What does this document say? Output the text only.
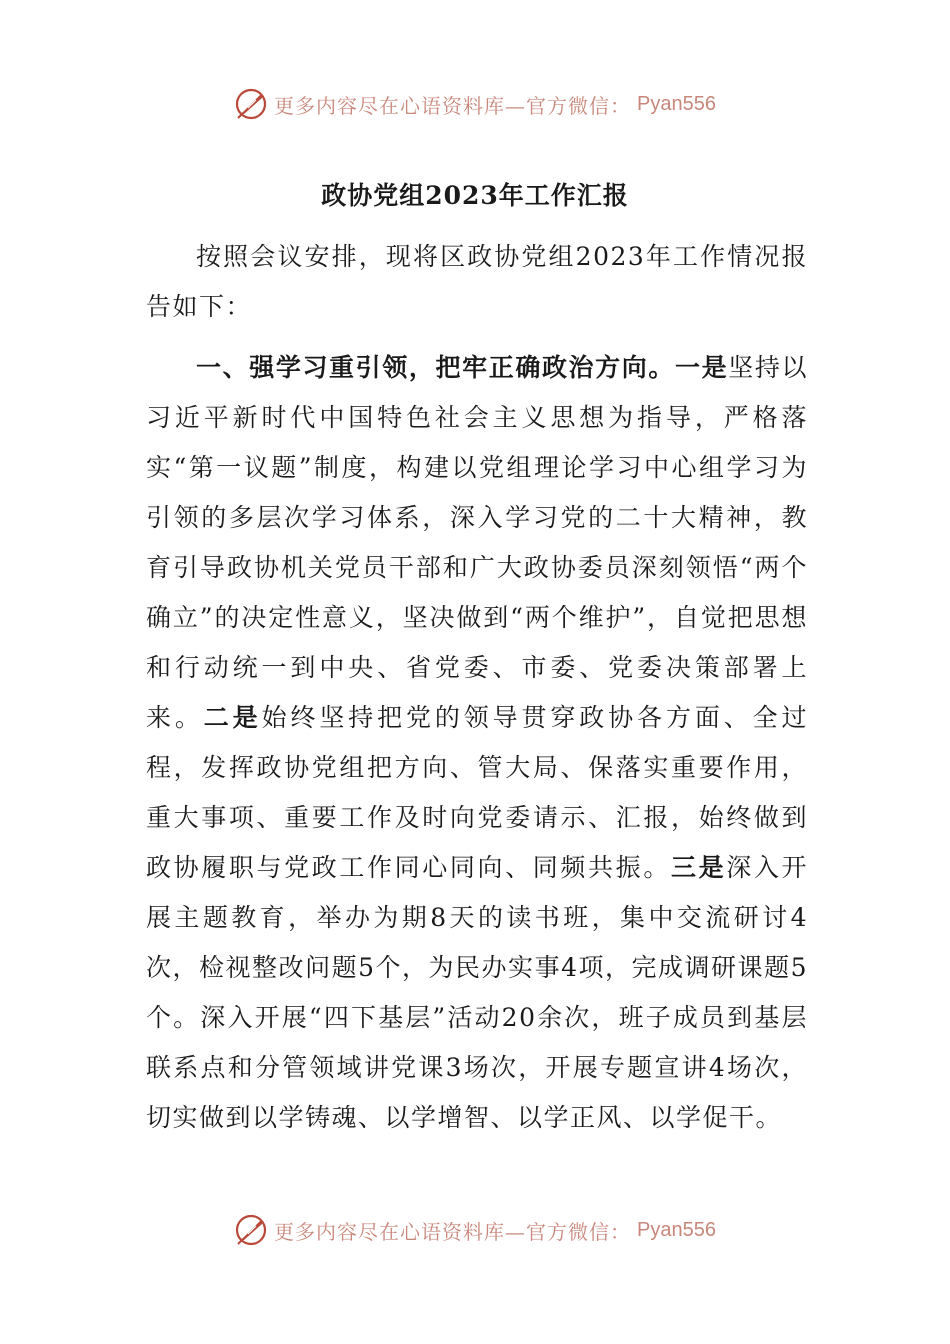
更多内容尽在心语资料库—官方微信： Pyan556
政协党组2023年工作汇报

按照会议安排，现将区政协党组2023年工作情况报告如下：

一、强学习重引领，把牢正确政治方向。一是坚持以习近平新时代中国特色社会主义思想为指导，严格落实“第一议题”制度，构建以党组理论学习中心组学习为引领的多层次学习体系，深入学习党的二十大精神，教育引导政协机关党员干部和广大政协委员深刻领悟“两个确立”的决定性意义，坚决做到“两个维护”，自觉把思想和行动统一到中央、省党委、市委、党委决策部署上来。二是始终坚持把党的领导贯穿政协各方面、全过程，发挥政协党组把方向、管大局、保落实重要作用，重大事项、重要工作及时向党委请示、汇报，始终做到政协履职与党政工作同心同向、同频共振。三是深入开展主题教育，举办为期8天的读书班，集中交流研讨4次，检视整改问题5个，为民办实事4项，完成调研课题5个。深入开展“四下基层”活动20余次，班子成员到基层联系点和分管领域讲党课3场次，开展专题宣讲4场次，切实做到以学铸魂、以学增智、以学正风、以学促干。

更多内容尽在心语资料库—官方微信： Pyan556
